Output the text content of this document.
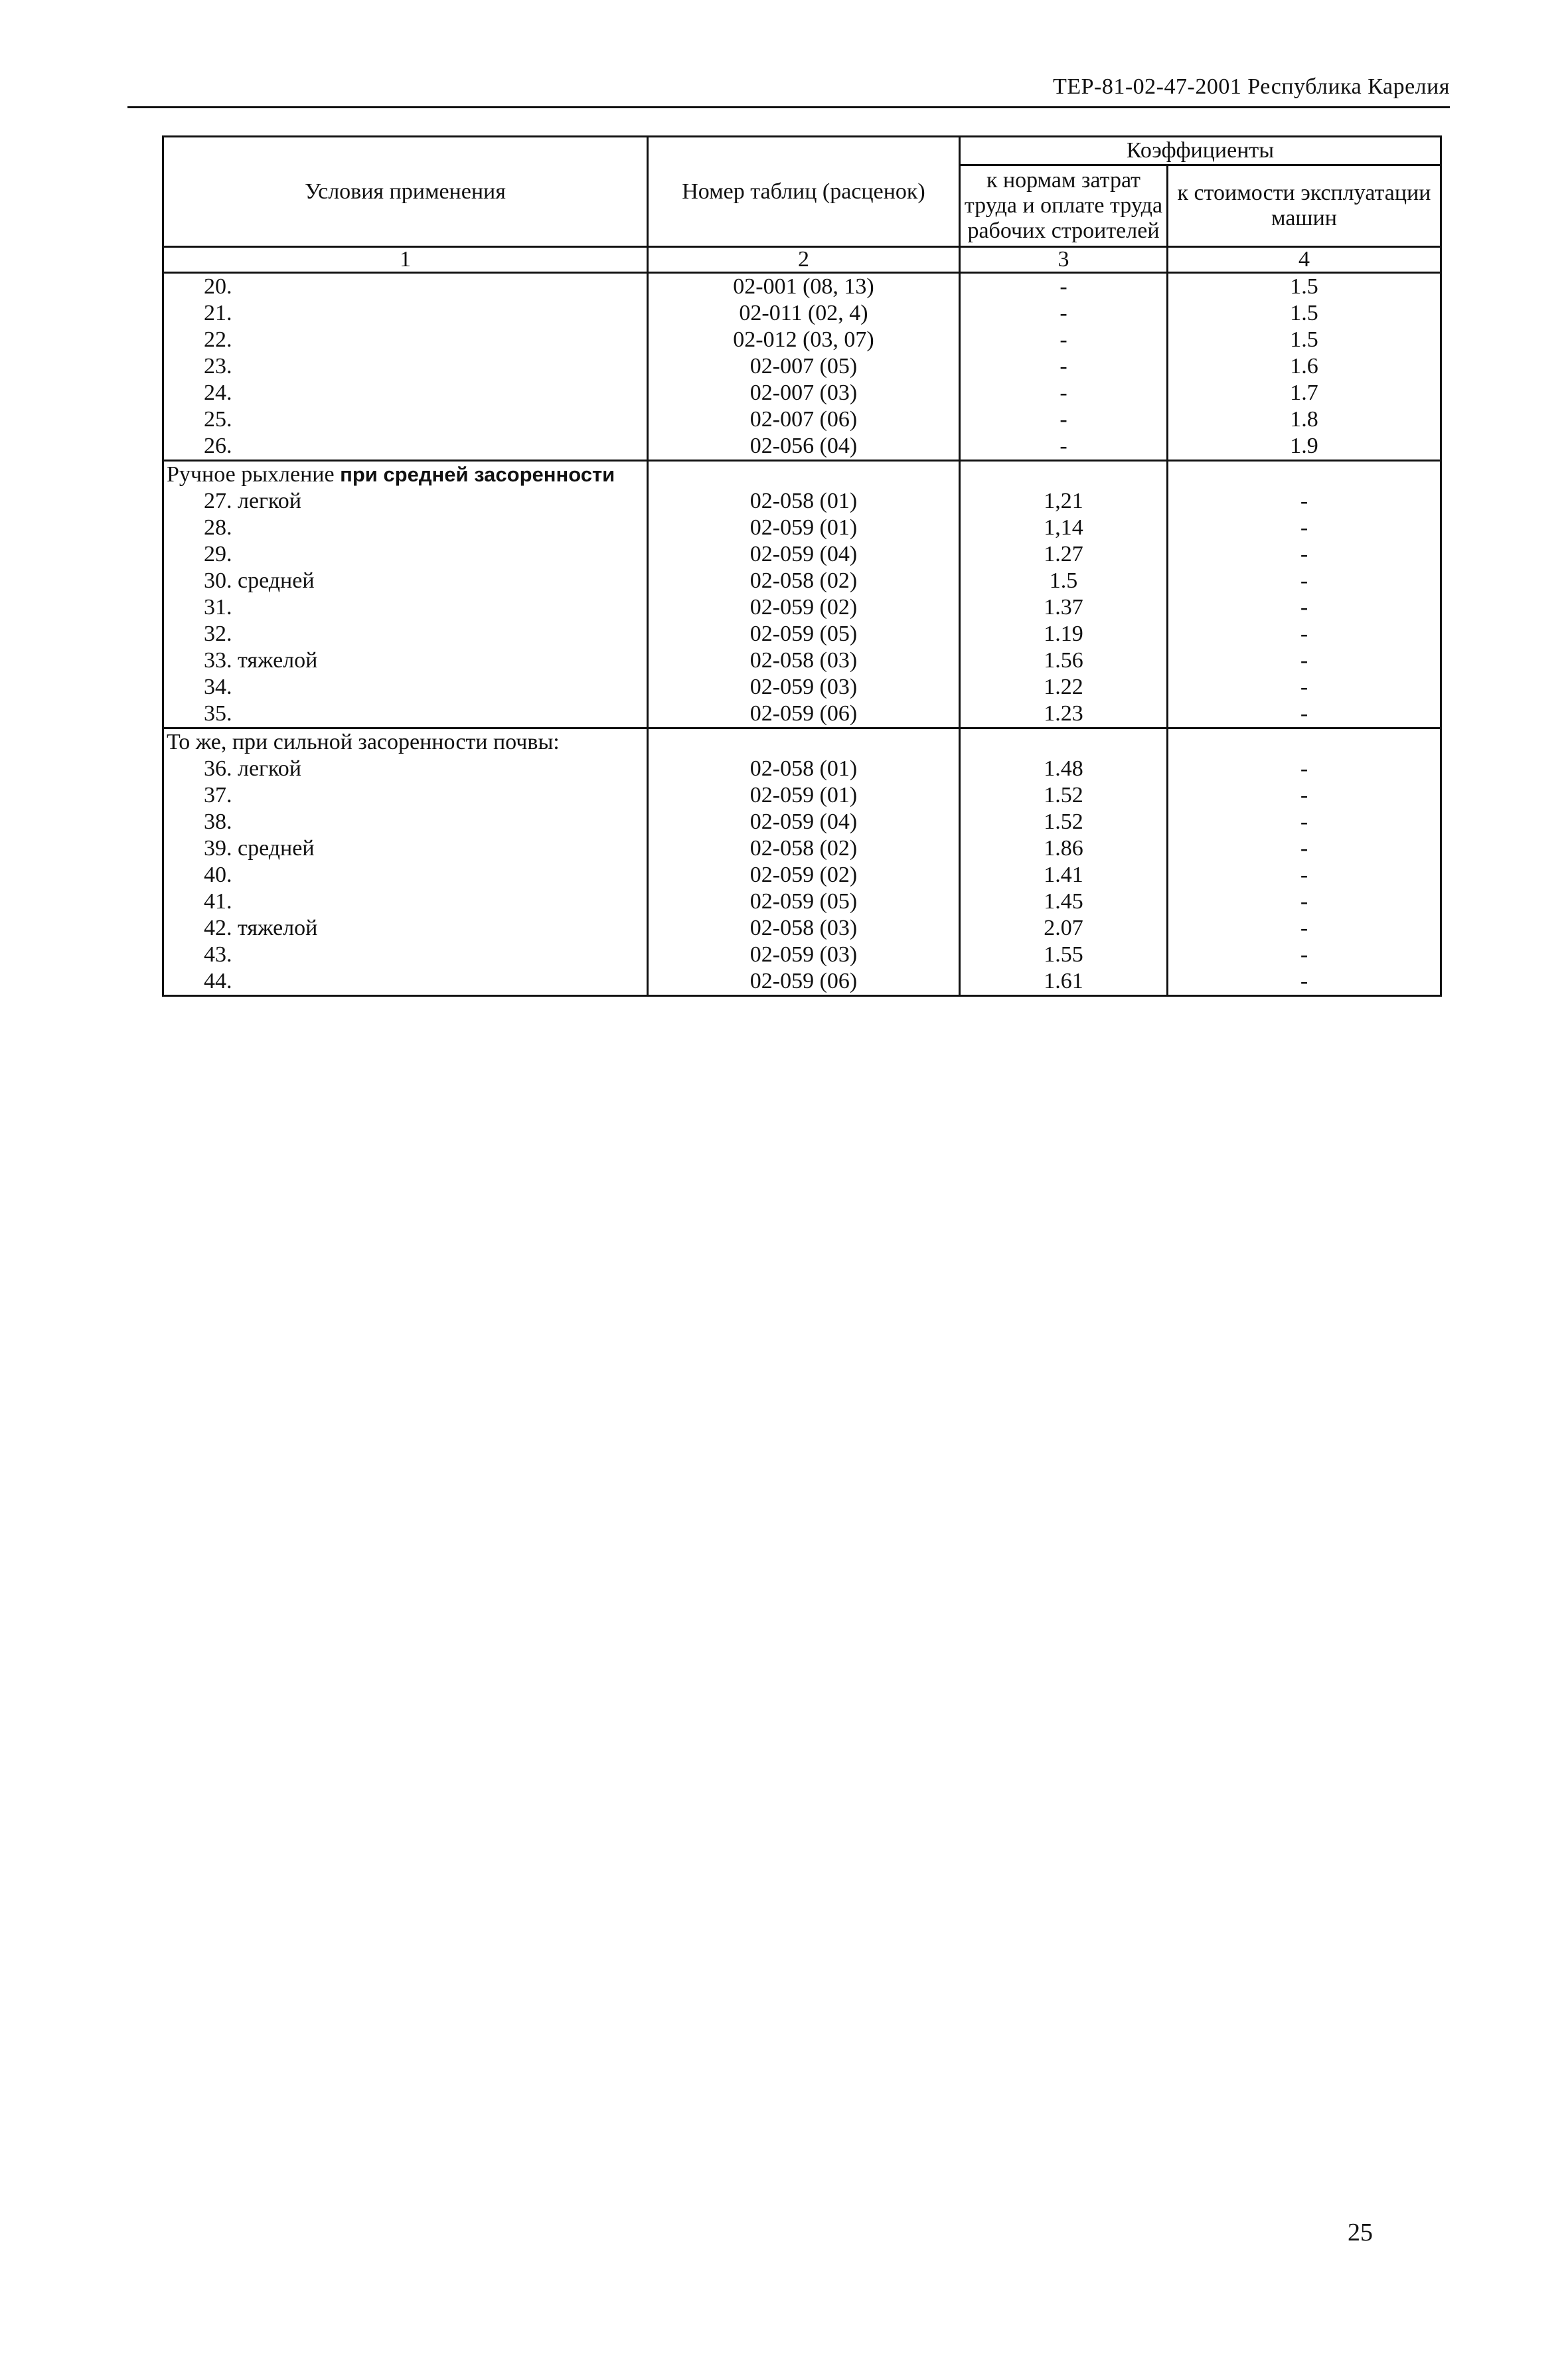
ТЕР-81-02-47-2001 Республика Карелия
Условия применения	Номер таблиц (расценок)	Коэффициенты	
		к нормам затрат труда и оплате труда рабочих строителей	к стоимости эксплуатации машин
1	2	3	4
20.	02-001 (08, 13)	-	1.5
21.	02-011 (02, 4)	-	1.5
22.	02-012 (03, 07)	-	1.5
23.	02-007 (05)	-	1.6
24.	02-007 (03)	-	1.7
25.	02-007 (06)	-	1.8
26.	02-056 (04)	-	1.9
Ручное рыхление при средней засоренности			
27. легкой	02-058 (01)	1,21	-
28.	02-059 (01)	1,14	-
29.	02-059 (04)	1.27	-
30. средней	02-058 (02)	1.5	-
31.	02-059 (02)	1.37	-
32.	02-059 (05)	1.19	-
33. тяжелой	02-058 (03)	1.56	-
34.	02-059 (03)	1.22	-
35.	02-059 (06)	1.23	-
То же, при сильной засоренности почвы:			
36. легкой	02-058 (01)	1.48	-
37.	02-059 (01)	1.52	-
38.	02-059 (04)	1.52	-
39. средней	02-058 (02)	1.86	-
40.	02-059 (02)	1.41	-
41.	02-059 (05)	1.45	-
42. тяжелой	02-058 (03)	2.07	-
43.	02-059 (03)	1.55	-
44.	02-059 (06)	1.61	-
25
